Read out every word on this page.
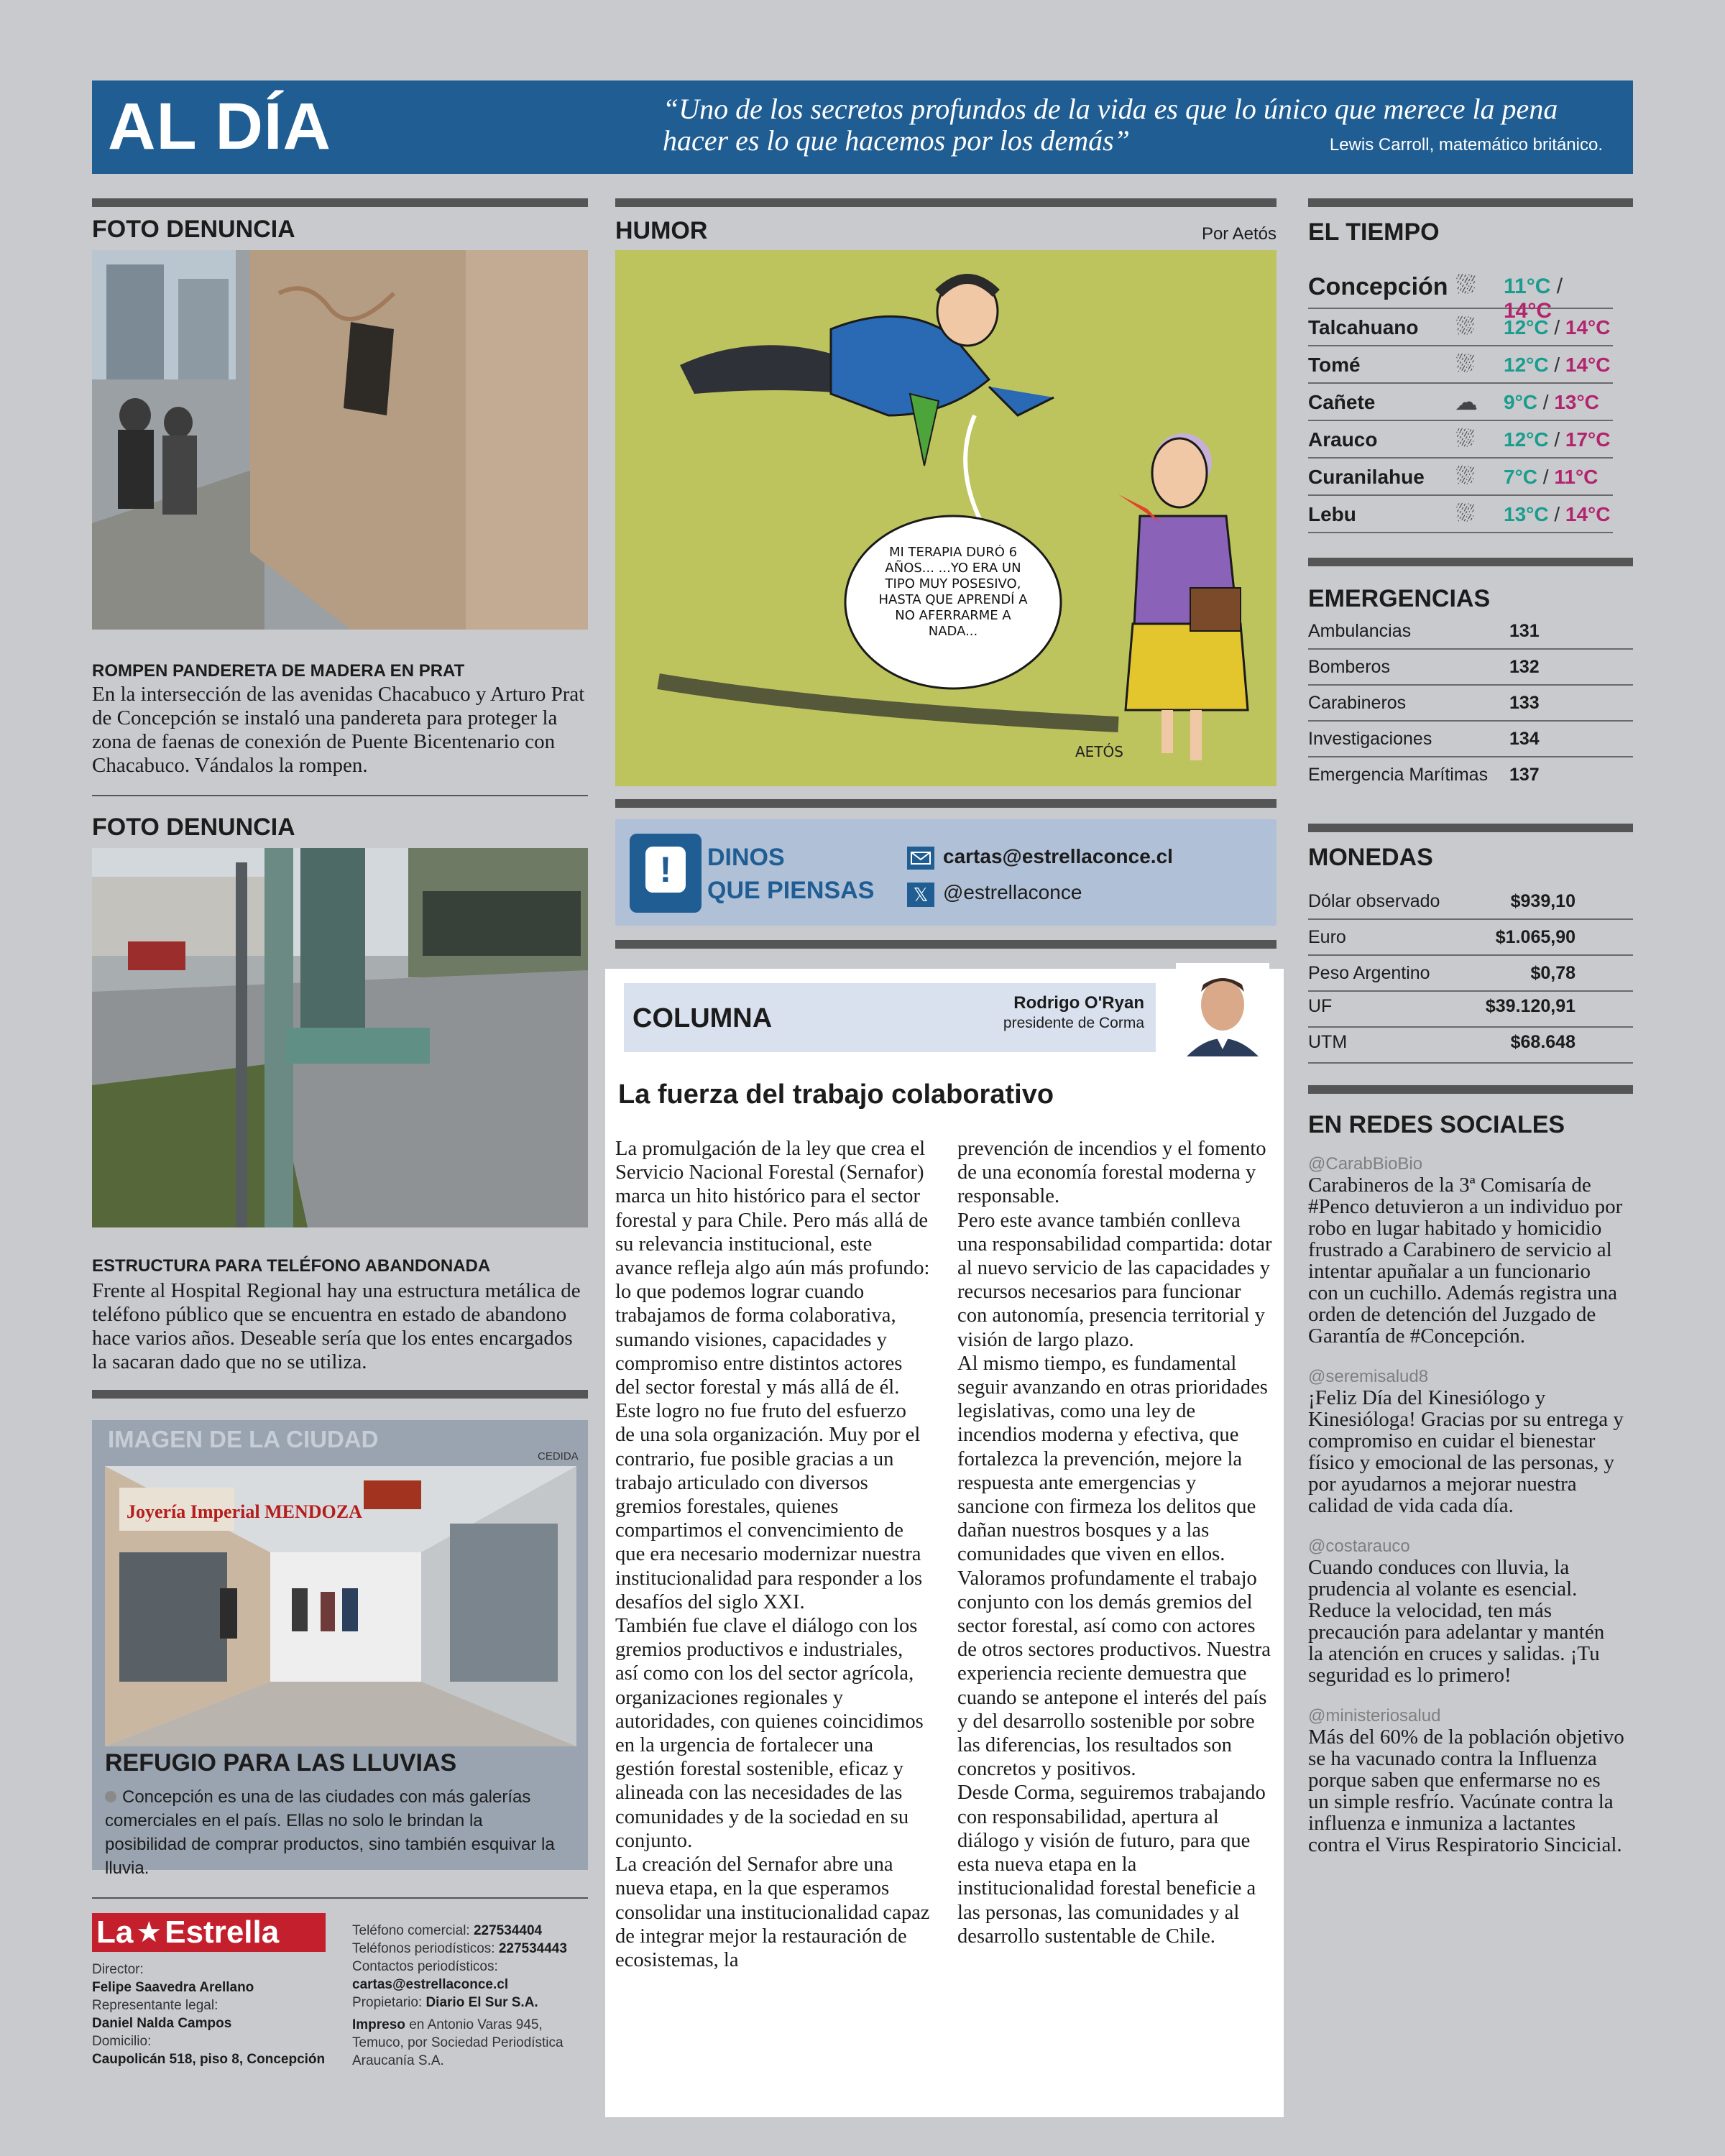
AL DÍA	“Uno de los secretos profundos de la vida es que lo único que merece la pena hacer es lo que hacemos por los demás”	Lewis Carroll, matemático británico.
FOTO DENUNCIA
ROMPEN PANDERETA DE MADERA EN PRAT
En la intersección de las avenidas Chacabuco y Arturo Prat de Concepción se instaló una pandereta para proteger la zona de faenas de conexión de Puente Bicentenario con Chacabuco. Vándalos la rompen.
FOTO DENUNCIA
ESTRUCTURA PARA TELÉFONO ABANDONADA
Frente al Hospital Regional hay una estructura metálica de teléfono público que se encuentra en estado de abandono hace varios años. Deseable sería que los entes encargados la sacaran dado que no se utiliza.
IMAGEN DE LA CIUDAD
CEDIDA
Joyería Imperial MENDOZA
REFUGIO PARA LAS LLUVIAS
Concepción es una de las ciudades con más galerías comerciales en el país. Ellas no solo le brindan la posibilidad de comprar productos, sino también esquivar la lluvia.
La ★ Estrella
Director:
Felipe Saavedra Arellano
Representante legal:
Daniel Nalda Campos
Domicilio:
Caupolicán 518, piso 8, Concepción
Teléfono comercial: 227534404
Teléfonos periodísticos: 227534443
Contactos periodísticos:
cartas@estrellaconce.cl
Propietario: Diario El Sur S.A.
Impreso en Antonio Varas 945, Temuco, por Sociedad Periodística Araucanía S.A.
HUMOR	Por Aetós
MI TERAPIA DURÓ 6 AÑOS... ...YO ERA UN TIPO MUY POSESIVO, HASTA QUE APRENDÍ A NO AFERRARME A NADA...
AETÓS
!	DINOS
QUE PIENSAS
cartas@estrellaconce.cl
𝕏 @estrellaconce
COLUMNA
Rodrigo O'Ryan
presidente de Corma
La fuerza del trabajo colaborativo

La promulgación de la ley que crea el Servicio Nacional Forestal (Sernafor) marca un hito histórico para el sector forestal y para Chile. Pero más allá de su relevancia institucional, este avance refleja algo aún más profundo: lo que podemos lograr cuando trabajamos de forma colaborativa, sumando visiones, capacidades y compromiso entre distintos actores del sector forestal y más allá de él.

Este logro no fue fruto del esfuerzo de una sola organización. Muy por el contrario, fue posible gracias a un trabajo articulado con diversos gremios forestales, quienes compartimos el convencimiento de que era necesario modernizar nuestra institucionalidad para responder a los desafíos del siglo XXI.

También fue clave el diálogo con los gremios productivos e industriales, así como con los del sector agrícola, organizaciones regionales y autoridades, con quienes coincidimos en la urgencia de fortalecer una gestión forestal sostenible, eficaz y alineada con las necesidades de las comunidades y de la sociedad en su conjunto.

La creación del Sernafor abre una nueva etapa, en la que esperamos consolidar una institucionalidad capaz de integrar mejor la restauración de ecosistemas, la

prevención de incendios y el fomento de una economía forestal moderna y responsable.

Pero este avance también conlleva una responsabilidad compartida: dotar al nuevo servicio de las capacidades y recursos necesarios para funcionar con autonomía, presencia territorial y visión de largo plazo.

Al mismo tiempo, es fundamental seguir avanzando en otras prioridades legislativas, como una ley de incendios moderna y efectiva, que fortalezca la prevención, mejore la respuesta ante emergencias y sancione con firmeza los delitos que dañan nuestros bosques y a las comunidades que viven en ellos.

Valoramos profundamente el trabajo conjunto con los demás gremios del sector forestal, así como con actores de otros sectores productivos. Nuestra experiencia reciente demuestra que cuando se antepone el interés del país y del desarrollo sostenible por sobre las diferencias, los resultados son concretos y positivos.

Desde Corma, seguiremos trabajando con responsabilidad, apertura al diálogo y visión de futuro, para que esta nueva etapa en la institucionalidad forestal beneficie a las personas, las comunidades y al desarrollo sustentable de Chile.

EL TIEMPO
Concepción ⛆ 11°C / 14°C
Talcahuano ⛆ 12°C / 14°C
Tomé	⛆ 12°C / 14°C
Cañete	☁ 9°C / 13°C
Arauco	⛆ 12°C / 17°C
Curanilahue ⛆ 7°C / 11°C
Lebu	⛆ 13°C / 14°C
EMERGENCIAS
Ambulancias	131
Bomberos	132
Carabineros	133
Investigaciones	134
Emergencia Marítimas 137
MONEDAS
Dólar observado	$939,10
Euro	$1.065,90
Peso Argentino	$0,78
UF	$39.120,91
UTM	$68.648
EN REDES SOCIALES
@CarabBioBio
Carabineros de la 3ª Comisaría de #Penco detuvieron a un individuo por robo en lugar habitado y homicidio frustrado a Carabinero de servicio al intentar apuñalar a un funcionario con un cuchillo. Además registra una orden de detención del Juzgado de Garantía de #Concepción.
@seremisalud8
¡Feliz Día del Kinesiólogo y Kinesióloga! Gracias por su entrega y compromiso en cuidar el bienestar físico y emocional de las personas, y por ayudarnos a mejorar nuestra calidad de vida cada día.
@costarauco
Cuando conduces con lluvia, la prudencia al volante es esencial. Reduce la velocidad, ten más precaución para adelantar y mantén la atención en cruces y salidas. ¡Tu seguridad es lo primero!
@ministeriosalud
Más del 60% de la población objetivo se ha vacunado contra la Influenza porque saben que enfermarse no es un simple resfrío. Vacúnate contra la influenza e inmuniza a lactantes contra el Virus Respiratorio Sincicial.
